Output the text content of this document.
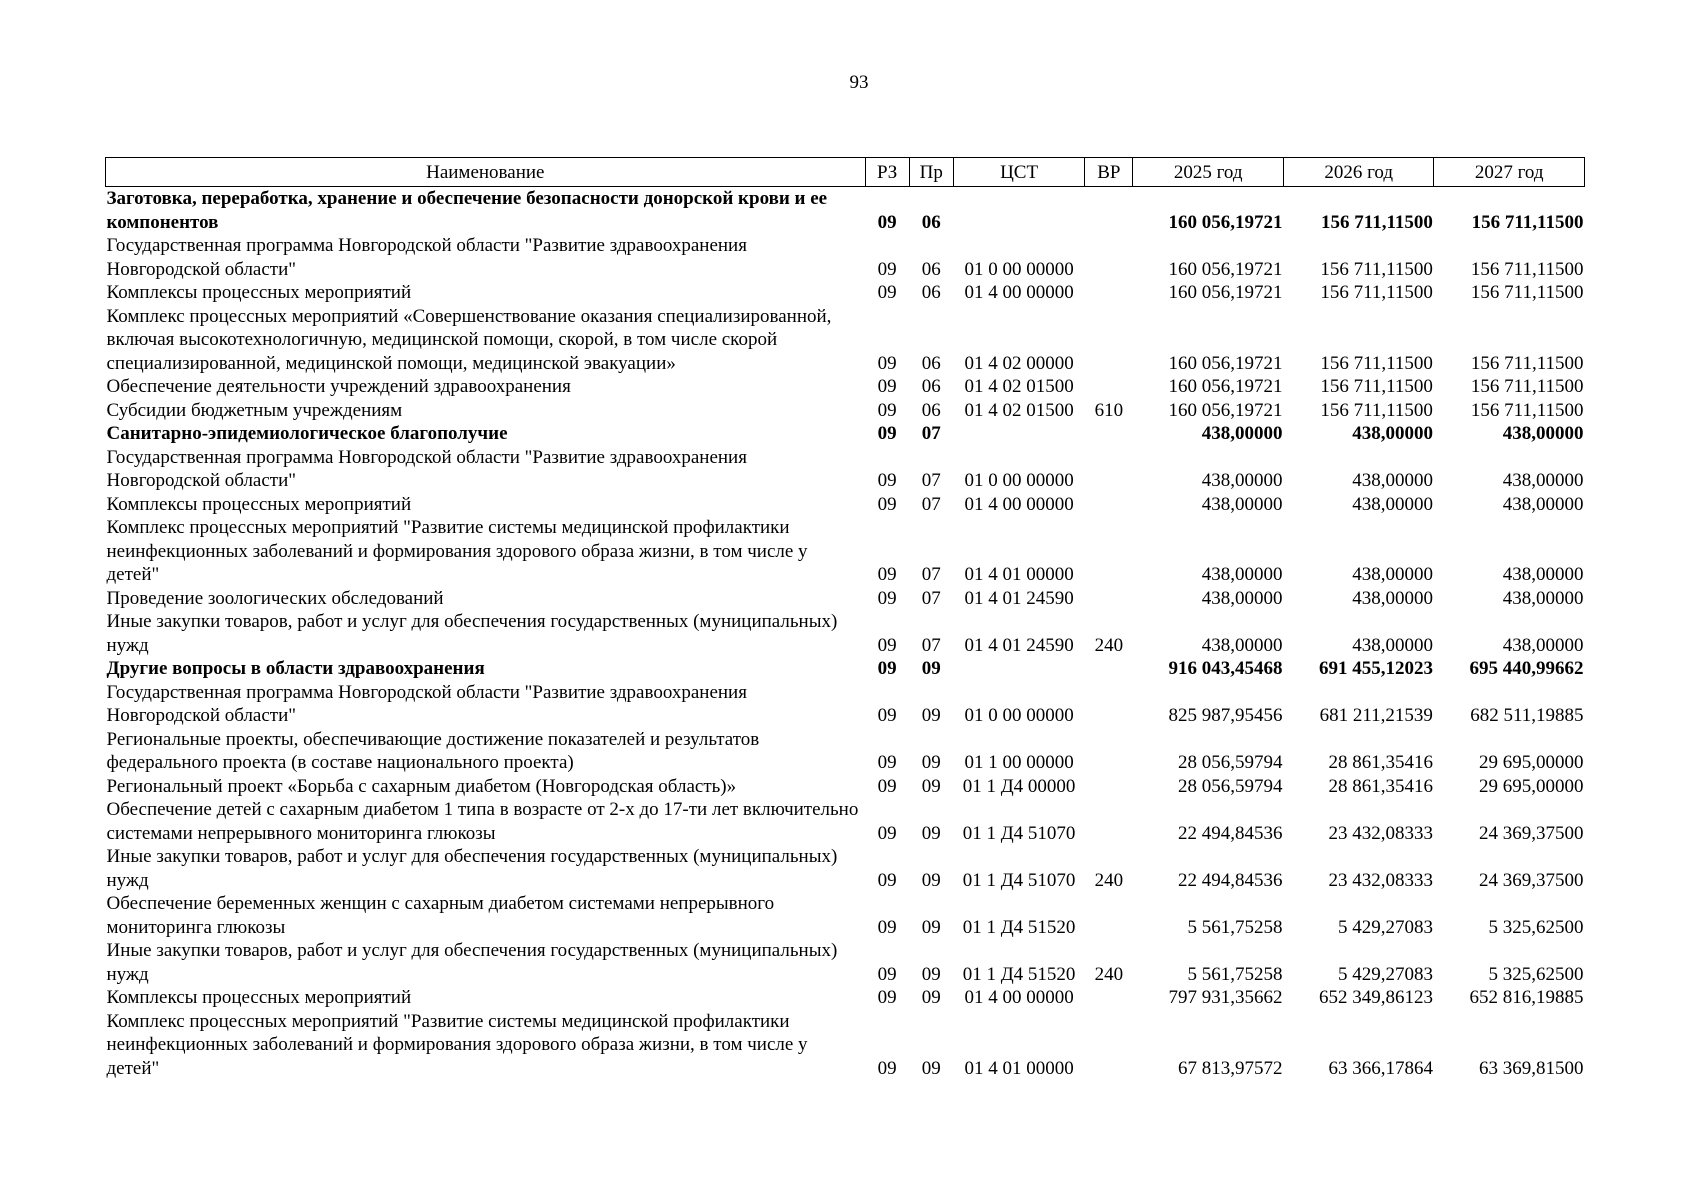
93
Наименование	РЗ	Пр	ЦСТ	ВР	2025 год	2026 год	2027 год
Заготовка, переработка, хранение и обеспечение безопасности донорской крови и ее компонентов	09	06			160 056,19721	156 711,11500	156 711,11500
Государственная программа Новгородской области "Развитие здравоохранения Новгородской области"	09	06	01 0 00 00000		160 056,19721	156 711,11500	156 711,11500
Комплексы процессных мероприятий	09	06	01 4 00 00000		160 056,19721	156 711,11500	156 711,11500
Комплекс процессных мероприятий «Совершенствование оказания специализированной, включая высокотехнологичную, медицинской помощи, скорой, в том числе скорой специализированной, медицинской помощи, медицинской эвакуации»	09	06	01 4 02 00000		160 056,19721	156 711,11500	156 711,11500
Обеспечение деятельности учреждений здравоохранения	09	06	01 4 02 01500		160 056,19721	156 711,11500	156 711,11500
Субсидии бюджетным учреждениям	09	06	01 4 02 01500	610	160 056,19721	156 711,11500	156 711,11500
Санитарно-эпидемиологическое благополучие	09	07			438,00000	438,00000	438,00000
Государственная программа Новгородской области "Развитие здравоохранения Новгородской области"	09	07	01 0 00 00000		438,00000	438,00000	438,00000
Комплексы процессных мероприятий	09	07	01 4 00 00000		438,00000	438,00000	438,00000
Комплекс процессных мероприятий "Развитие системы медицинской профилактики неинфекционных заболеваний и формирования здорового образа жизни, в том числе у детей"	09	07	01 4 01 00000		438,00000	438,00000	438,00000
Проведение зоологических обследований	09	07	01 4 01 24590		438,00000	438,00000	438,00000
Иные закупки товаров, работ и услуг для обеспечения государственных (муниципальных) нужд	09	07	01 4 01 24590	240	438,00000	438,00000	438,00000
Другие вопросы в области здравоохранения	09	09			916 043,45468	691 455,12023	695 440,99662
Государственная программа Новгородской области "Развитие здравоохранения Новгородской области"	09	09	01 0 00 00000		825 987,95456	681 211,21539	682 511,19885
Региональные проекты, обеспечивающие достижение показателей и результатов федерального проекта (в составе национального проекта)	09	09	01 1 00 00000		28 056,59794	28 861,35416	29 695,00000
Региональный проект «Борьба с сахарным диабетом (Новгородская область)»	09	09	01 1 Д4 00000		28 056,59794	28 861,35416	29 695,00000
Обеспечение детей с сахарным диабетом 1 типа в возрасте от 2-х до 17-ти лет включительно системами непрерывного мониторинга глюкозы	09	09	01 1 Д4 51070		22 494,84536	23 432,08333	24 369,37500
Иные закупки товаров, работ и услуг для обеспечения государственных (муниципальных) нужд	09	09	01 1 Д4 51070	240	22 494,84536	23 432,08333	24 369,37500
Обеспечение беременных женщин с сахарным диабетом системами непрерывного мониторинга глюкозы	09	09	01 1 Д4 51520		5 561,75258	5 429,27083	5 325,62500
Иные закупки товаров, работ и услуг для обеспечения государственных (муниципальных) нужд	09	09	01 1 Д4 51520	240	5 561,75258	5 429,27083	5 325,62500
Комплексы процессных мероприятий	09	09	01 4 00 00000		797 931,35662	652 349,86123	652 816,19885
Комплекс процессных мероприятий "Развитие системы медицинской профилактики неинфекционных заболеваний и формирования здорового образа жизни, в том числе у детей"	09	09	01 4 01 00000		67 813,97572	63 366,17864	63 369,81500
